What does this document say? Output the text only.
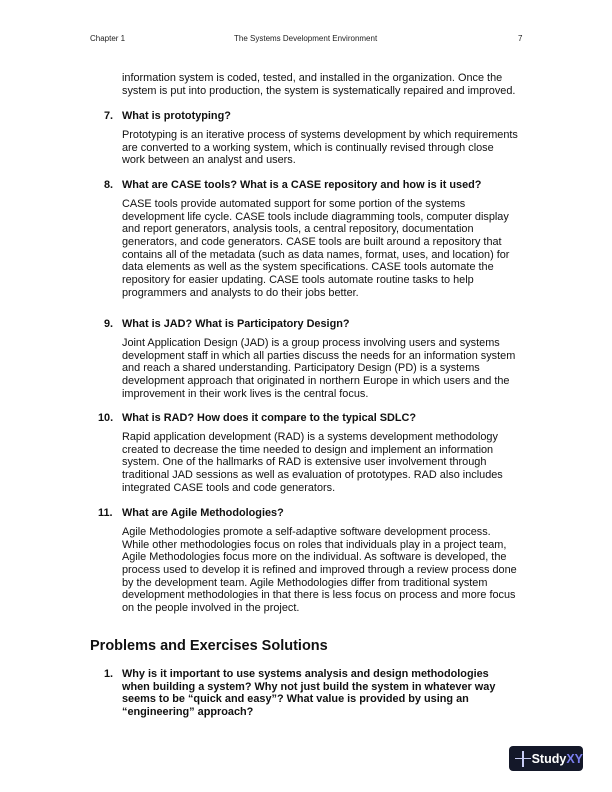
Chapter 1	The Systems Development Environment	7
information system is coded, tested, and installed in the organization. Once the
system is put into production, the system is systematically repaired and improved.
7. What is prototyping?
Prototyping is an iterative process of systems development by which requirements
are converted to a working system, which is continually revised through close
work between an analyst and users.
8. What are CASE tools? What is a CASE repository and how is it used?
CASE tools provide automated support for some portion of the systems
development life cycle. CASE tools include diagramming tools, computer display
and report generators, analysis tools, a central repository, documentation
generators, and code generators. CASE tools are built around a repository that
contains all of the metadata (such as data names, format, uses, and location) for
data elements as well as the system specifications. CASE tools automate the
repository for easier updating. CASE tools automate routine tasks to help
programmers and analysts to do their jobs better.
9. What is JAD? What is Participatory Design?
Joint Application Design (JAD) is a group process involving users and systems
development staff in which all parties discuss the needs for an information system
and reach a shared understanding. Participatory Design (PD) is a systems
development approach that originated in northern Europe in which users and the
improvement in their work lives is the central focus.
10. What is RAD? How does it compare to the typical SDLC?
Rapid application development (RAD) is a systems development methodology
created to decrease the time needed to design and implement an information
system. One of the hallmarks of RAD is extensive user involvement through
traditional JAD sessions as well as evaluation of prototypes. RAD also includes
integrated CASE tools and code generators.
11. What are Agile Methodologies?
Agile Methodologies promote a self-adaptive software development process.
While other methodologies focus on roles that individuals play in a project team,
Agile Methodologies focus more on the individual. As software is developed, the
process used to develop it is refined and improved through a review process done
by the development team. Agile Methodologies differ from traditional system
development methodologies in that there is less focus on process and more focus
on the people involved in the project.
Problems and Exercises Solutions
1. Why is it important to use systems analysis and design methodologies
when building a system? Why not just build the system in whatever way
seems to be “quick and easy”? What value is provided by using an
“engineering” approach?
Study XY
